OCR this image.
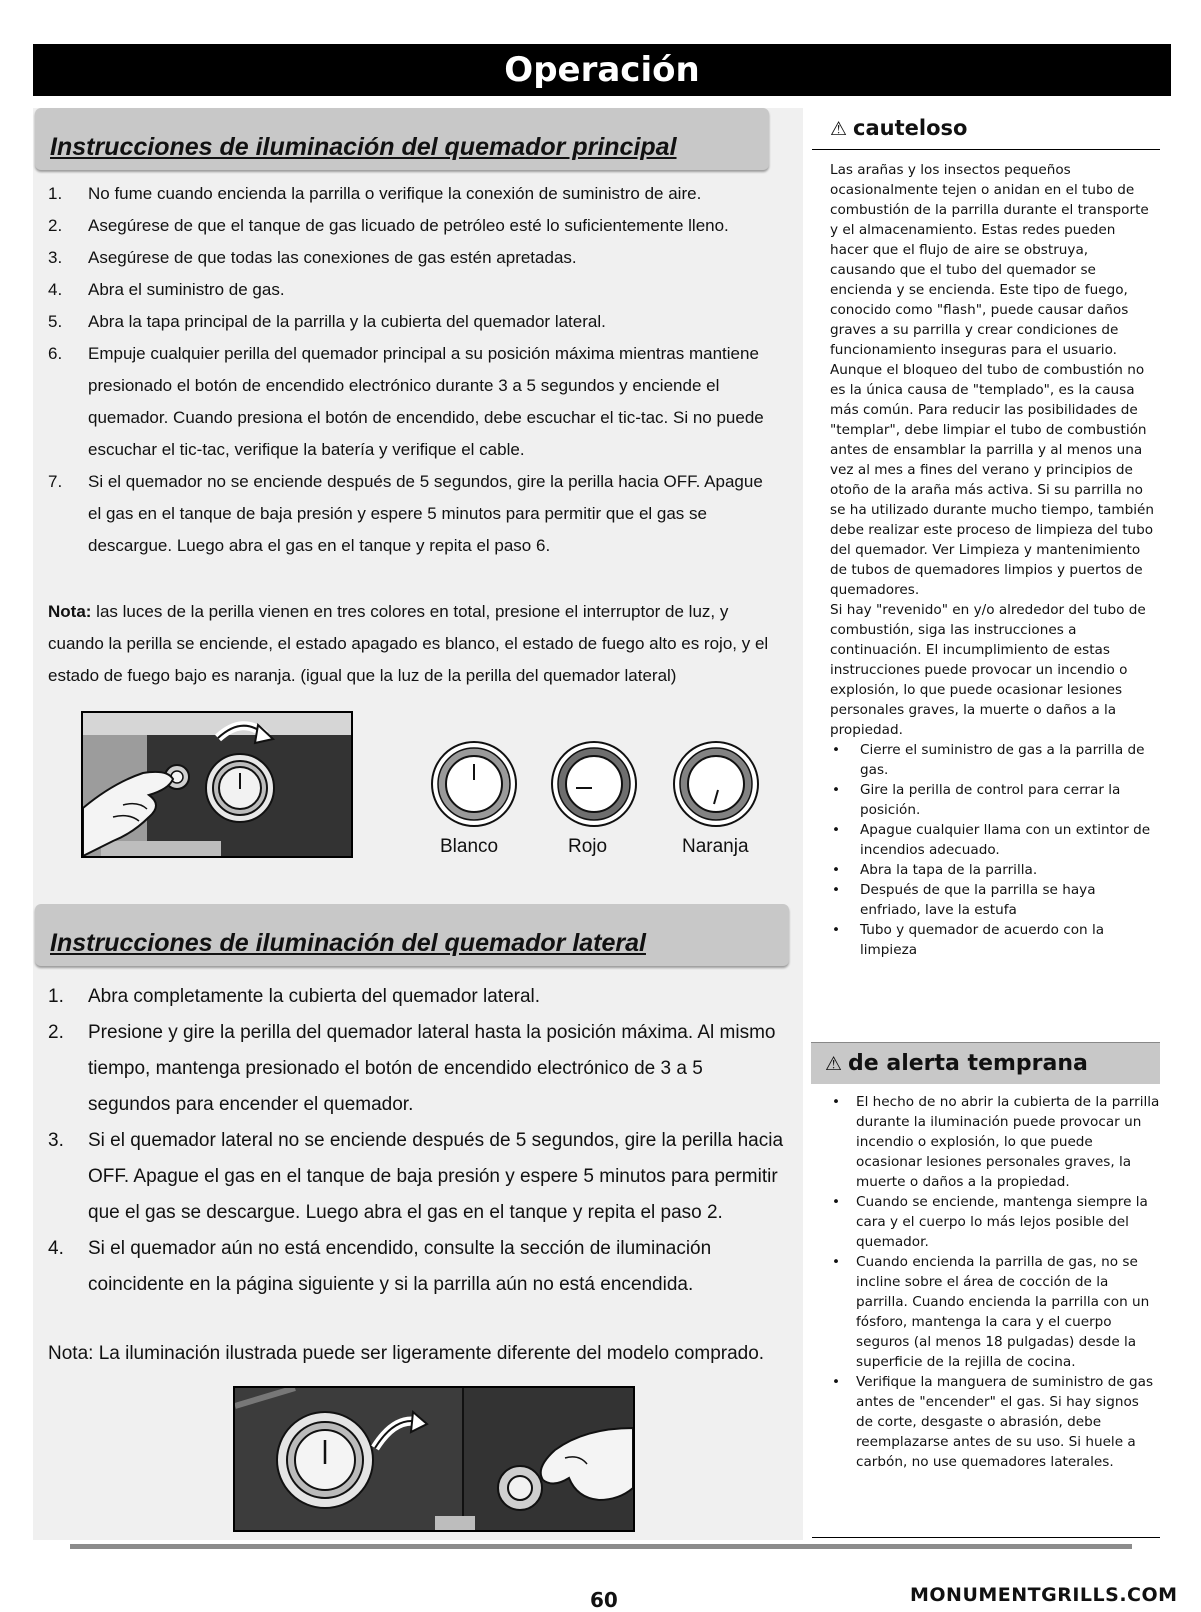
Operación
Instrucciones de iluminación del quemador principal
1. No fume cuando encienda la parrilla o verifique la conexión de suministro de aire.
2. Asegúrese de que el tanque de gas licuado de petróleo esté lo suficientemente lleno.
3. Asegúrese de que todas las conexiones de gas estén apretadas.
4. Abra el suministro de gas.
5. Abra la tapa principal de la parrilla y la cubierta del quemador lateral.
6. Empuje cualquier perilla del quemador principal a su posición máxima mientras mantiene presionado el botón de encendido electrónico durante 3 a 5 segundos y enciende el quemador. Cuando presiona el botón de encendido, debe escuchar el tic-tac. Si no puede escuchar el tic-tac, verifique la batería y verifique el cable.
7. Si el quemador no se enciende después de 5 segundos, gire la perilla hacia OFF. Apague el gas en el tanque de baja presión y espere 5 minutos para permitir que el gas se descargue. Luego abra el gas en el tanque y repita el paso 6.
Nota: las luces de la perilla vienen en tres colores en total, presione el interruptor de luz, y cuando la perilla se enciende, el estado apagado es blanco, el estado de fuego alto es rojo, y el estado de fuego bajo es naranja. (igual que la luz de la perilla del quemador lateral)
Blanco	Rojo	Naranja
Instrucciones de iluminación del quemador lateral
1. Abra completamente la cubierta del quemador lateral.
2. Presione y gire la perilla del quemador lateral hasta la posición máxima. Al mismo tiempo, mantenga presionado el botón de encendido electrónico de 3 a 5 segundos para encender el quemador.
3. Si el quemador lateral no se enciende después de 5 segundos, gire la perilla hacia OFF. Apague el gas en el tanque de baja presión y espere 5 minutos para permitir que el gas se descargue. Luego abra el gas en el tanque y repita el paso 2.
4. Si el quemador aún no está encendido, consulte la sección de iluminación coincidente en la página siguiente y si la parrilla aún no está encendida.
Nota: La iluminación ilustrada puede ser ligeramente diferente del modelo comprado.
⚠ cauteloso

Las arañas y los insectos pequeños ocasionalmente tejen o anidan en el tubo de combustión de la parrilla durante el transporte y el almacenamiento. Estas redes pueden hacer que el flujo de aire se obstruya, causando que el tubo del quemador se encienda y se encienda. Este tipo de fuego, conocido como "flash", puede causar daños graves a su parrilla y crear condiciones de funcionamiento inseguras para el usuario.

Aunque el bloqueo del tubo de combustión no es la única causa de "templado", es la causa más común. Para reducir las posibilidades de "templar", debe limpiar el tubo de combustión antes de ensamblar la parrilla y al menos una vez al mes a fines del verano y principios de otoño de la araña más activa. Si su parrilla no se ha utilizado durante mucho tiempo, también debe realizar este proceso de limpieza del tubo del quemador. Ver Limpieza y mantenimiento de tubos de quemadores limpios y puertos de quemadores.

Si hay "revenido" en y/o alrededor del tubo de combustión, siga las instrucciones a continuación. El incumplimiento de estas instrucciones puede provocar un incendio o explosión, lo que puede ocasionar lesiones personales graves, la muerte o daños a la propiedad.

• Cierre el suministro de gas a la parrilla de gas.
• Gire la perilla de control para cerrar la posición.
• Apague cualquier llama con un extintor de incendios adecuado.
• Abra la tapa de la parrilla.
• Después de que la parrilla se haya enfriado, lave la estufa
• Tubo y quemador de acuerdo con la limpieza
⚠ de alerta temprana
• El hecho de no abrir la cubierta de la parrilla durante la iluminación puede provocar un incendio o explosión, lo que puede ocasionar lesiones personales graves, la muerte o daños a la propiedad.
• Cuando se enciende, mantenga siempre la cara y el cuerpo lo más lejos posible del quemador.
• Cuando encienda la parrilla de gas, no se incline sobre el área de cocción de la parrilla. Cuando encienda la parrilla con un fósforo, mantenga la cara y el cuerpo seguros (al menos 18 pulgadas) desde la superficie de la rejilla de cocina.
• Verifique la manguera de suministro de gas antes de "encender" el gas. Si hay signos de corte, desgaste o abrasión, debe reemplazarse antes de su uso. Si huele a carbón, no use quemadores laterales.
60	MONUMENTGRILLS.COM
